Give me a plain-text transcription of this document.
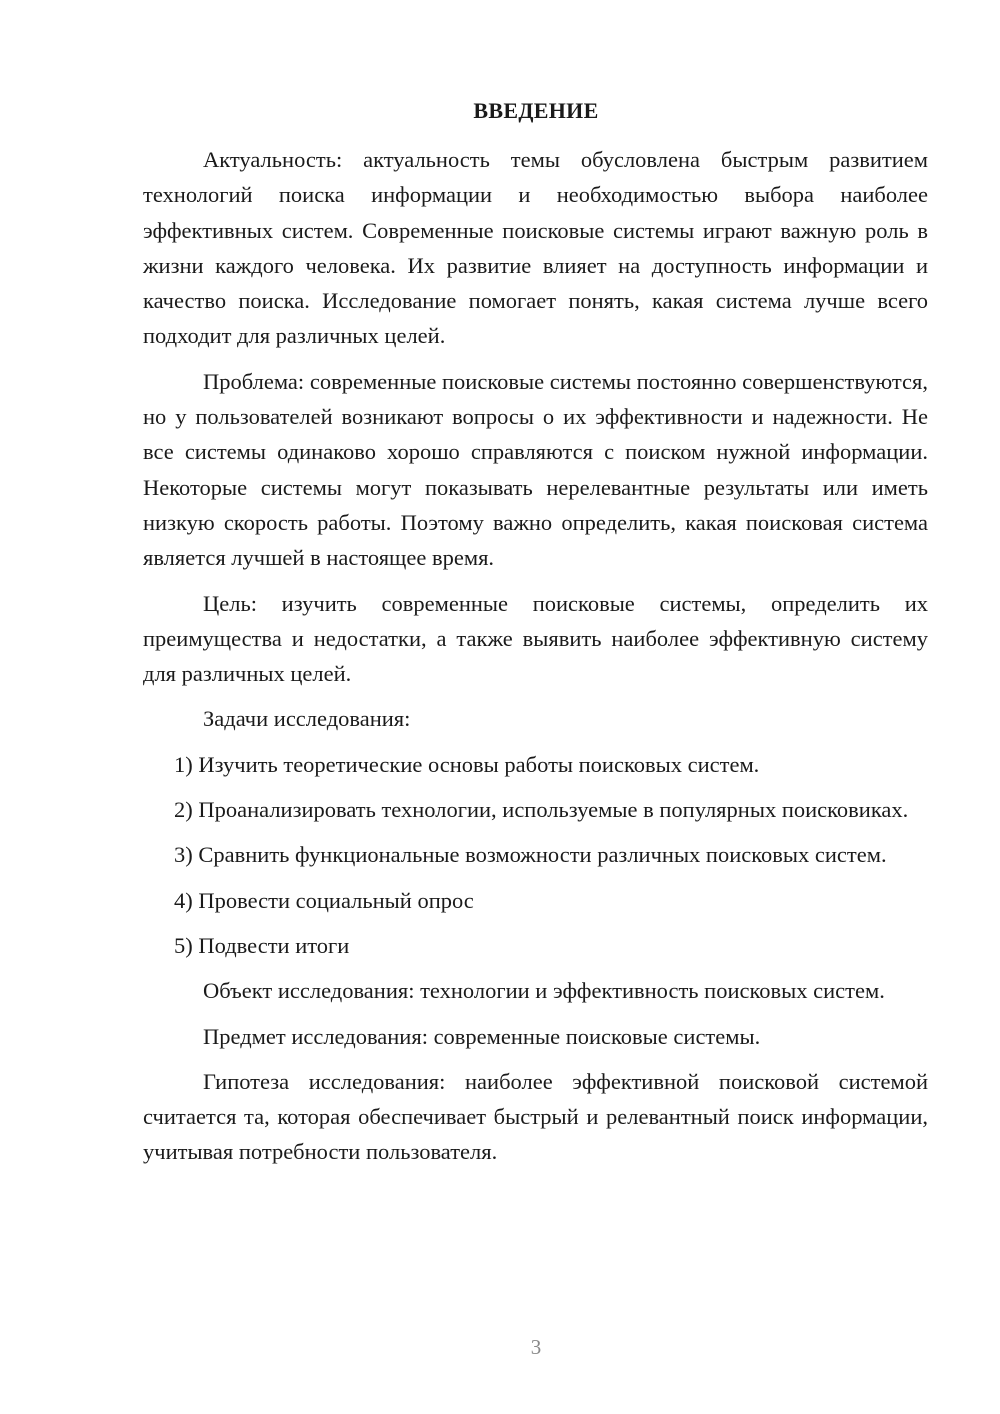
ВВЕДЕНИЕ

Актуальность: актуальность темы обусловлена быстрым развитием технологий поиска информации и необходимостью выбора наиболее эффективных систем. Современные поисковые системы играют важную роль в жизни каждого человека. Их развитие влияет на доступность информации и качество поиска. Исследование помогает понять, какая система лучше всего подходит для различных целей.

Проблема: современные поисковые системы постоянно совершенствуются, но у пользователей возникают вопросы о их эффективности и надежности. Не все системы одинаково хорошо справляются с поиском нужной информации. Некоторые системы могут показывать нерелевантные результаты или иметь низкую скорость работы. Поэтому важно определить, какая поисковая система является лучшей в настоящее время.

Цель: изучить современные поисковые системы, определить их преимущества и недостатки, а также выявить наиболее эффективную систему для различных целей.

Задачи исследования:

1) Изучить теоретические основы работы поисковых систем.

2) Проанализировать технологии, используемые в популярных поисковиках.

3) Сравнить функциональные возможности различных поисковых систем.

4) Провести социальный опрос

5) Подвести итоги

Объект исследования: технологии и эффективность поисковых систем.

Предмет исследования: современные поисковые системы.

Гипотеза исследования: наиболее эффективной поисковой системой считается та, которая обеспечивает быстрый и релевантный поиск информации, учитывая потребности пользователя.

3
